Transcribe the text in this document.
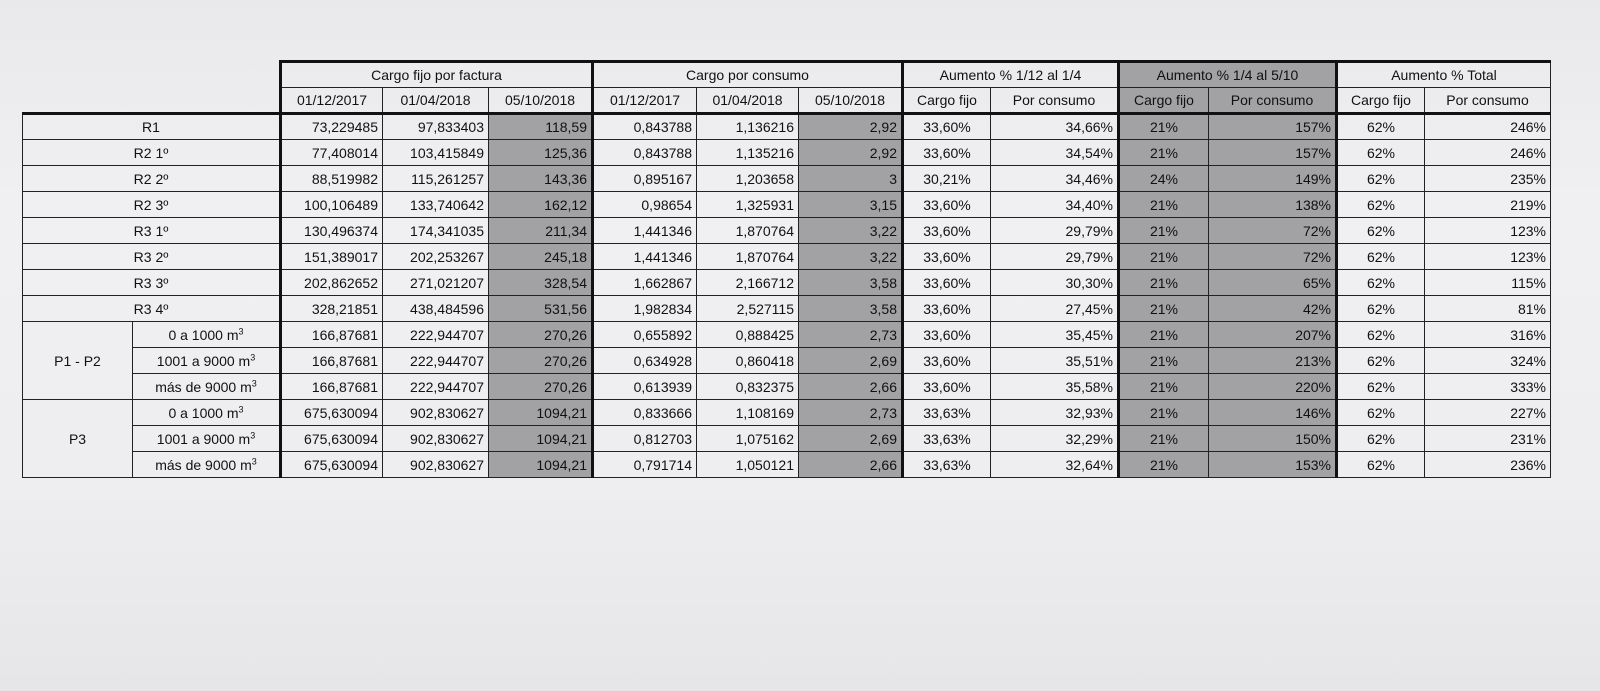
		Cargo fijo por factura			Cargo por consumo			Aumento % 1/12 al 1/4		Aumento % 1/4 al 5/10		Aumento % Total	
		01/12/2017	01/04/2018	05/10/2018	01/12/2017	01/04/2018	05/10/2018	Cargo fijo	Por consumo	Cargo fijo	Por consumo	Cargo fijo	Por consumo
R1		73,229485	97,833403	118,59	0,843788	1,136216	2,92	33,60%	34,66%	21%	157%	62%	246%
R2 1º		77,408014	103,415849	125,36	0,843788	1,135216	2,92	33,60%	34,54%	21%	157%	62%	246%
R2 2º		88,519982	115,261257	143,36	0,895167	1,203658	3	30,21%	34,46%	24%	149%	62%	235%
R2 3º		100,106489	133,740642	162,12	0,98654	1,325931	3,15	33,60%	34,40%	21%	138%	62%	219%
R3 1º		130,496374	174,341035	211,34	1,441346	1,870764	3,22	33,60%	29,79%	21%	72%	62%	123%
R3 2º		151,389017	202,253267	245,18	1,441346	1,870764	3,22	33,60%	29,79%	21%	72%	62%	123%
R3 3º		202,862652	271,021207	328,54	1,662867	2,166712	3,58	33,60%	30,30%	21%	65%	62%	115%
R3 4º		328,21851	438,484596	531,56	1,982834	2,527115	3,58	33,60%	27,45%	21%	42%	62%	81%
P1 - P2	0 a 1000 $m^3$	166,87681	222,944707	270,26	0,655892	0,888425	2,73	33,60%	35,45%	21%	207%	62%	316%
	1001 a 9000 $m^3$	166,87681	222,944707	270,26	0,634928	0,860418	2,69	33,60%	35,51%	21%	213%	62%	324%
	más de 9000 $m^3$	166,87681	222,944707	270,26	0,613939	0,832375	2,66	33,60%	35,58%	21%	220%	62%	333%
P3	0 a 1000 $m^3$	675,630094	902,830627	1094,21	0,833666	1,108169	2,73	33,63%	32,93%	21%	146%	62%	227%
	1001 a 9000 $m^3$	675,630094	902,830627	1094,21	0,812703	1,075162	2,69	33,63%	32,29%	21%	150%	62%	231%
	más de 9000 $m^3$	675,630094	902,830627	1094,21	0,791714	1,050121	2,66	33,63%	32,64%	21%	153%	62%	236%
